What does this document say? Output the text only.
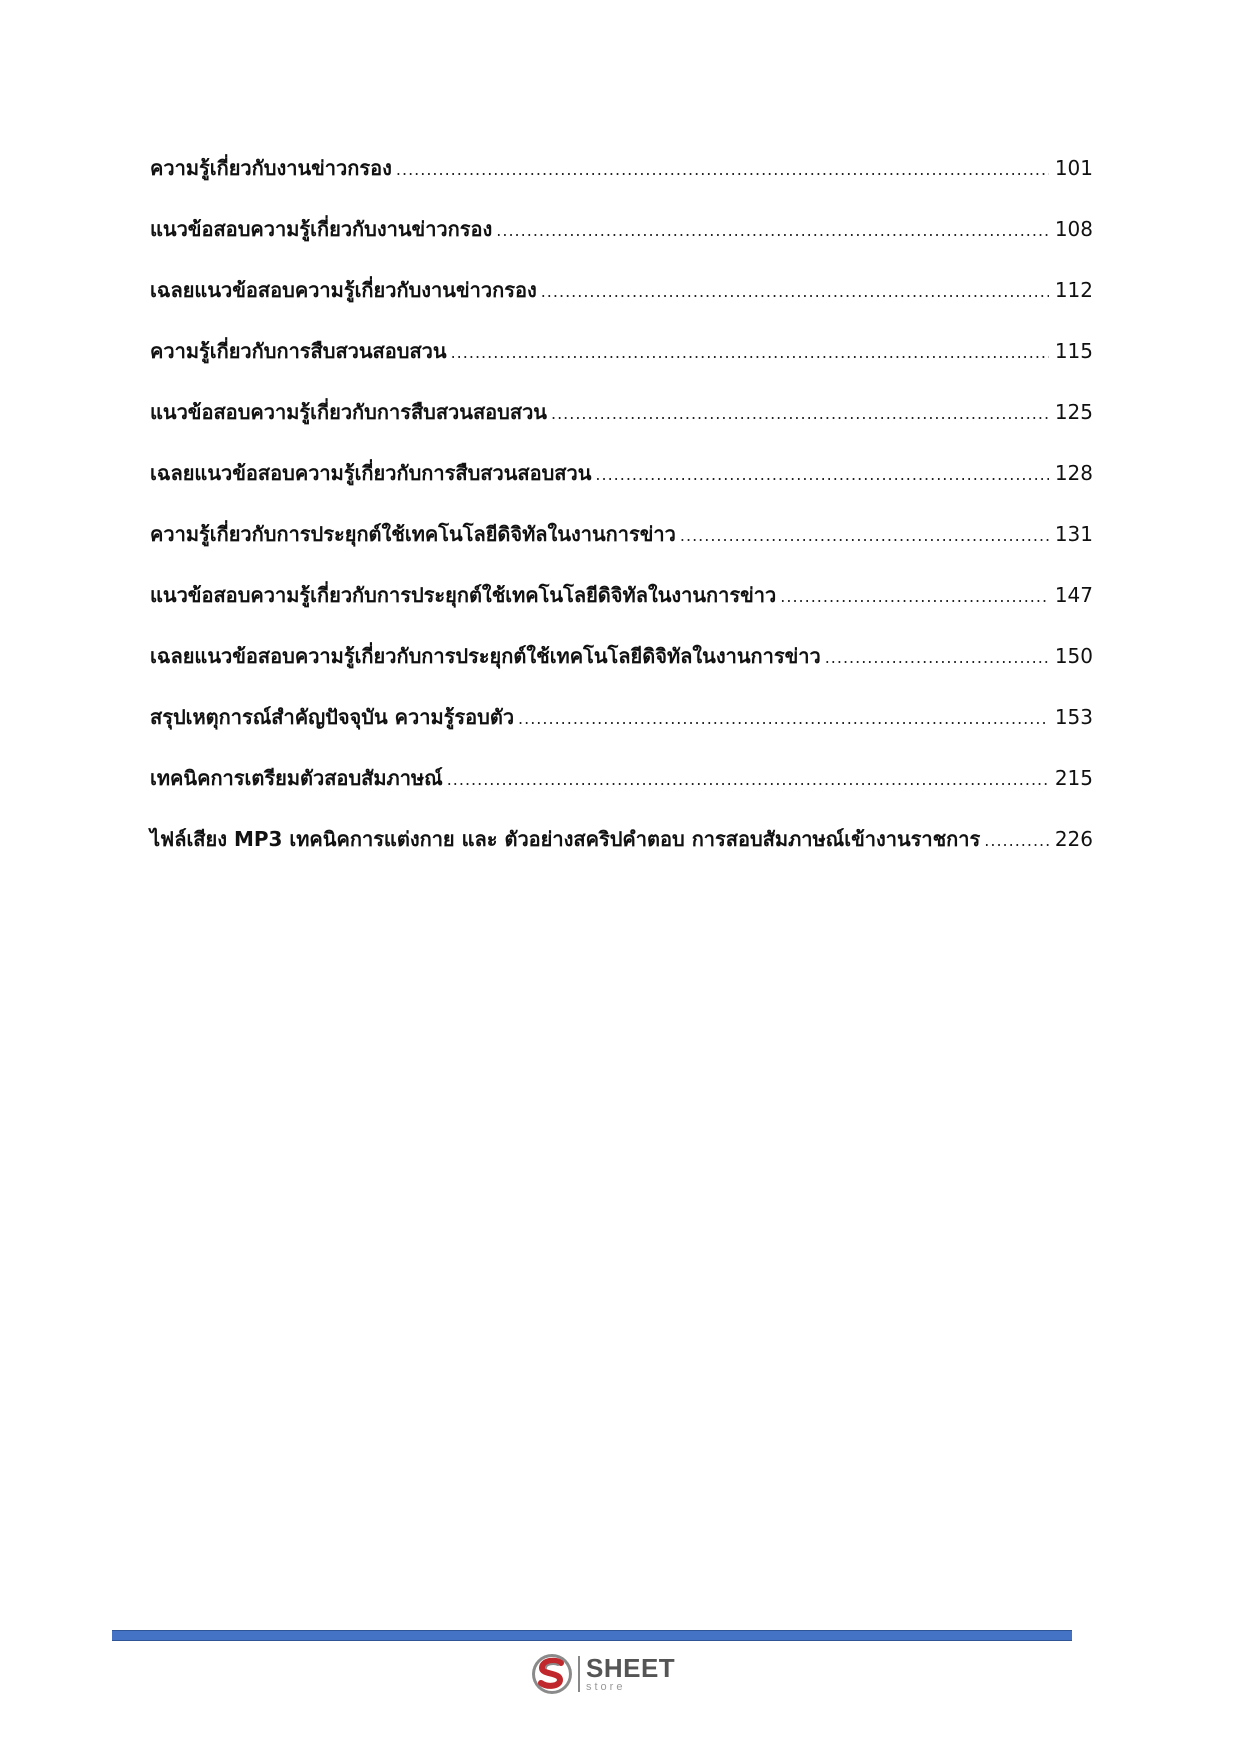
ความรู้เกี่ยวกับงานข่าวกรอง .....	101
แนวข้อสอบความรู้เกี่ยวกับงานข่าวกรอง .....	108
เฉลยแนวข้อสอบความรู้เกี่ยวกับงานข่าวกรอง .....	112
ความรู้เกี่ยวกับการสืบสวนสอบสวน .....	115
แนวข้อสอบความรู้เกี่ยวกับการสืบสวนสอบสวน .....	125
เฉลยแนวข้อสอบความรู้เกี่ยวกับการสืบสวนสอบสวน .....	128
ความรู้เกี่ยวกับการประยุกต์ใช้เทคโนโลยีดิจิทัลในงานการข่าว .....	131
แนวข้อสอบความรู้เกี่ยวกับการประยุกต์ใช้เทคโนโลยีดิจิทัลในงานการข่าว .....	147
เฉลยแนวข้อสอบความรู้เกี่ยวกับการประยุกต์ใช้เทคโนโลยีดิจิทัลในงานการข่าว .....	150
สรุปเหตุการณ์สำคัญปัจจุบัน ความรู้รอบตัว .....	153
เทคนิคการเตรียมตัวสอบสัมภาษณ์ .....	215
ไฟล์เสียง MP3 เทคนิคการแต่งกาย และ ตัวอย่างสคริปคำตอบ การสอบสัมภาษณ์เข้างานราชการ .....	226
SHEET
store
